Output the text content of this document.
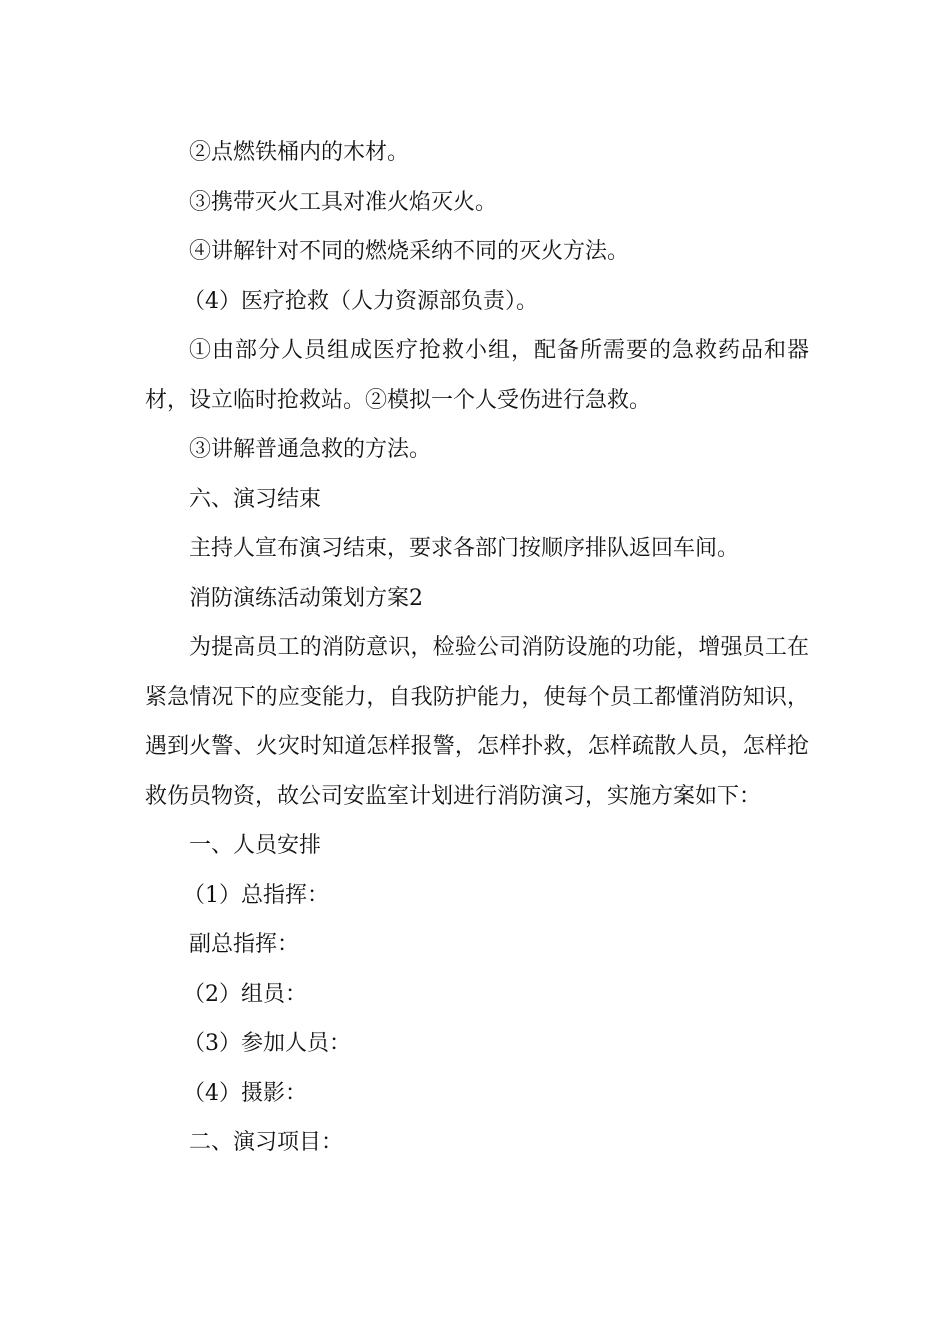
②点燃铁桶内的木材。

③携带灭火工具对准火焰灭火。

④讲解针对不同的燃烧采纳不同的灭火方法。

（4）医疗抢救（人力资源部负责）。

①由部分人员组成医疗抢救小组，配备所需要的急救药品和器材，设立临时抢救站。②模拟一个人受伤进行急救。

③讲解普通急救的方法。

六、演习结束

主持人宣布演习结束，要求各部门按顺序排队返回车间。

消防演练活动策划方案2

为提高员工的消防意识，检验公司消防设施的功能，增强员工在紧急情况下的应变能力，自我防护能力，使每个员工都懂消防知识，遇到火警、火灾时知道怎样报警，怎样扑救，怎样疏散人员，怎样抢救伤员物资，故公司安监室计划进行消防演习，实施方案如下：

一、人员安排

（1）总指挥：

副总指挥：

（2）组员：

（3）参加人员：

（4）摄影：

二、演习项目：
